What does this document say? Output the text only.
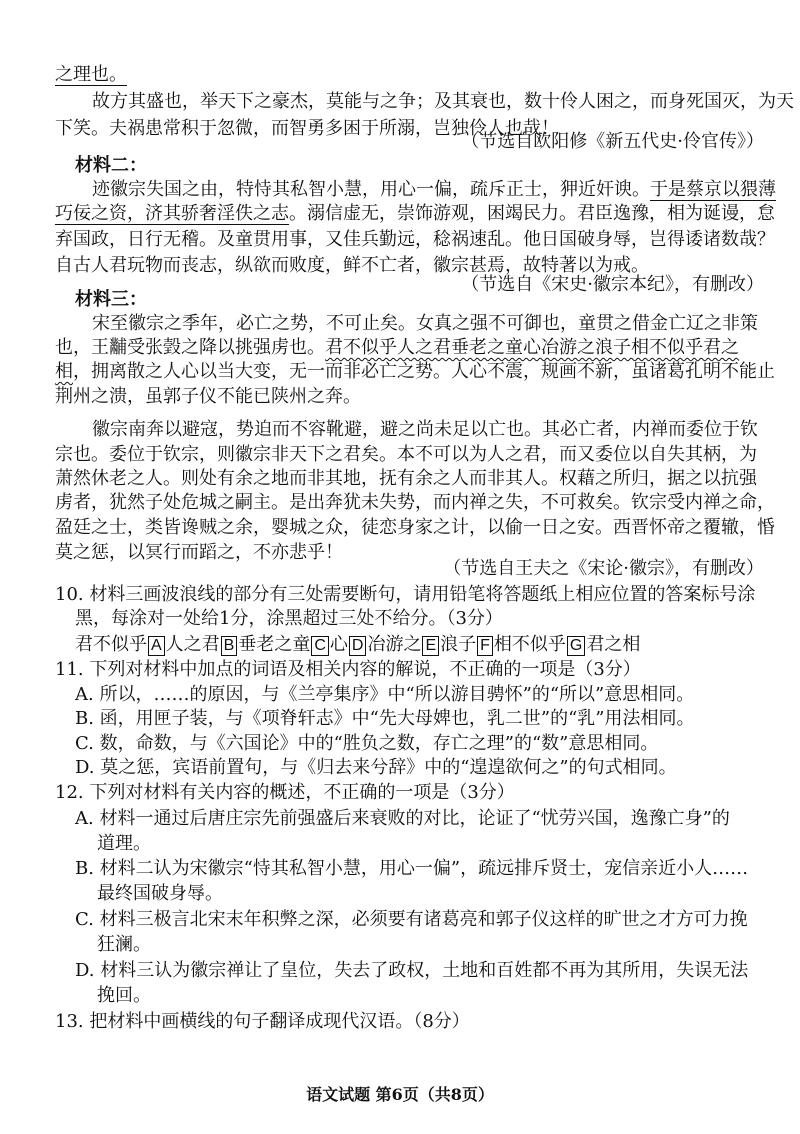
之理也。
故方其盛也，举天下之豪杰，莫能与之争；及其衰也，数十伶人困之，而身死国灭，为天
下笑。夫祸患常积于忽微，而智勇多困于所溺，岂独伶人也哉！
（节选自欧阳修《新五代史·伶官传》）
材料二：
迹徽宗失国之由，特恃其私智小慧，用心一偏，疏斥正士，狎近奸谀。于是蔡京以猥薄
巧佞之资，济其骄奢淫佚之志。溺信虚无，崇饰游观，困竭民力。君臣逸豫，相为诞谩，怠
弃国政，日行无稽。及童贯用事，又佳兵勤远，稔祸速乱。他日国破身辱，岂得诿诸数哉？
自古人君玩物而丧志，纵欲而败度，鲜不亡者，徽宗甚焉，故特著以为戒。
（节选自《宋史·徽宗本纪》，有删改）
材料三：
宋至徽宗之季年，必亡之势，不可止矣。女真之强不可御也，童贯之借金亡辽之非策
也，王黼受张瑴之降以挑强虏也。君不似乎人之君垂老之童心冶游之浪子相不似乎君之
相，拥离散之人心以当大变，无一而非必亡之势。人心不震，规画不新，虽诸葛孔明不能止
荆州之溃，虽郭子仪不能已陕州之奔。
徽宗南奔以避寇，势迫而不容靴避，避之尚未足以亡也。其必亡者，内禅而委位于钦
宗也。委位于钦宗，则徽宗非天下之君矣。本不可以为人之君，而又委位以自失其柄，为
萧然休老之人。则处有余之地而非其地，抚有余之人而非其人。权藉之所归，据之以抗强
虏者，犹然子处危城之嗣主。是出奔犹未失势，而内禅之失，不可救矣。钦宗受内禅之命，
盈廷之士，类皆谗贼之余，婴城之众，徒恋身家之计，以偷一日之安。西晋怀帝之覆辙，惛
莫之惩，以冥行而蹈之，不亦悲乎！
（节选自王夫之《宋论·徽宗》，有删改）
10. 材料三画波浪线的部分有三处需要断句，请用铅笔将答题纸上相应位置的答案标号涂
黑，每涂对一处给1分，涂黑超过三处不给分。（3分）
君不似乎 A 人之君 B 垂老之童 C 心 D 冶游之 E 浪子 F 相不似乎 G 君之相
11. 下列对材料中加点的词语及相关内容的解说，不正确的一项是（3分）
A. 所以，……的原因，与《兰亭集序》中“所以游目骋怀”的“所以”意思相同。
B. 函，用匣子装，与《项脊轩志》中“先大母婢也，乳二世”的“乳”用法相同。
C. 数，命数，与《六国论》中的“胜负之数，存亡之理”的“数”意思相同。
D. 莫之惩，宾语前置句，与《归去来兮辞》中的“遑遑欲何之”的句式相同。
12. 下列对材料有关内容的概述，不正确的一项是（3分）
A. 材料一通过后唐庄宗先前强盛后来衰败的对比，论证了“忧劳兴国，逸豫亡身”的
道理。
B. 材料二认为宋徽宗“恃其私智小慧，用心一偏”，疏远排斥贤士，宠信亲近小人……
最终国破身辱。
C. 材料三极言北宋末年积弊之深，必须要有诸葛亮和郭子仪这样的旷世之才方可力挽
狂澜。
D. 材料三认为徽宗禅让了皇位，失去了政权，土地和百姓都不再为其所用，失误无法
挽回。
13. 把材料中画横线的句子翻译成现代汉语。（8分）
语文试题 第6页（共8页）
